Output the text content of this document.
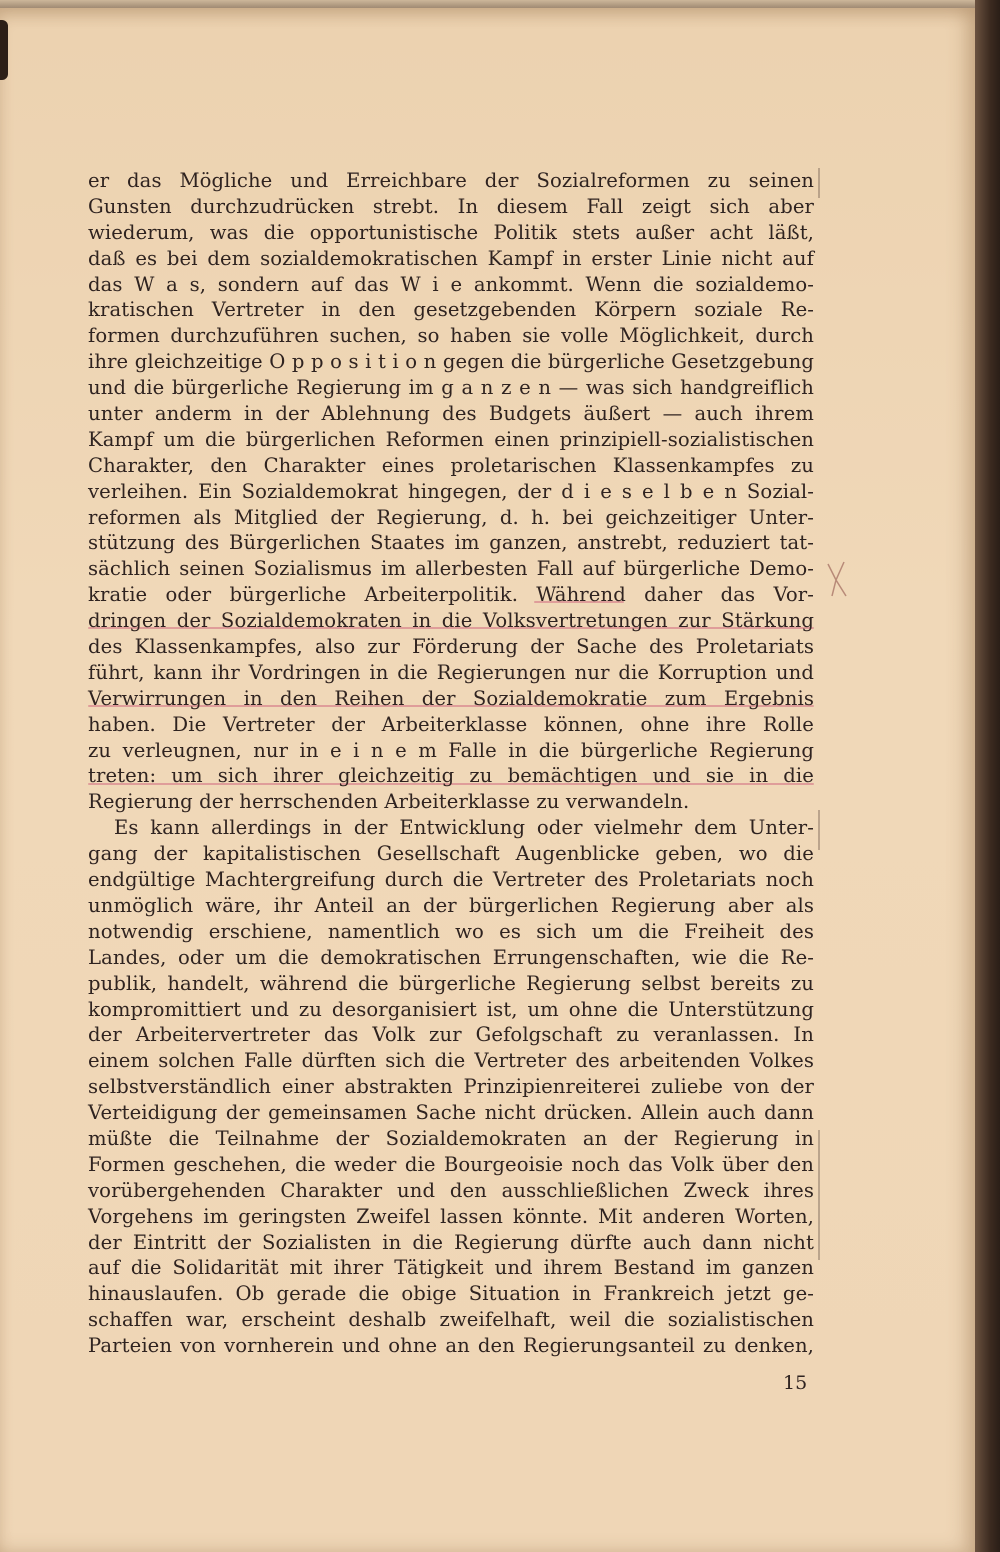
er das Mögliche und Erreichbare der Sozialreformen zu seinen
Gunsten durchzudrücken strebt. In diesem Fall zeigt sich aber
wiederum, was die opportunistische Politik stets außer acht läßt,
daß es bei dem sozialdemokratischen Kampf in erster Linie nicht auf
das W a s, sondern auf das W i e ankommt. Wenn die sozialdemo-
kratischen Vertreter in den gesetzgebenden Körpern soziale Re-
formen durchzuführen suchen, so haben sie volle Möglichkeit, durch
ihre gleichzeitige O p p o s i t i o n gegen die bürgerliche Gesetzgebung
und die bürgerliche Regierung im g a n z e n — was sich handgreiflich
unter anderm in der Ablehnung des Budgets äußert — auch ihrem
Kampf um die bürgerlichen Reformen einen prinzipiell-sozialistischen
Charakter, den Charakter eines proletarischen Klassenkampfes zu
verleihen. Ein Sozialdemokrat hingegen, der d i e s e l b e n Sozial-
reformen als Mitglied der Regierung, d. h. bei geichzeitiger Unter-
stützung des Bürgerlichen Staates im ganzen, anstrebt, reduziert tat-
sächlich seinen Sozialismus im allerbesten Fall auf bürgerliche Demo-
kratie oder bürgerliche Arbeiterpolitik. Während daher das Vor-
dringen der Sozialdemokraten in die Volksvertretungen zur Stärkung
des Klassenkampfes, also zur Förderung der Sache des Proletariats
führt, kann ihr Vordringen in die Regierungen nur die Korruption und
Verwirrungen in den Reihen der Sozialdemokratie zum Ergebnis
haben. Die Vertreter der Arbeiterklasse können, ohne ihre Rolle
zu verleugnen, nur in e i n e m Falle in die bürgerliche Regierung
treten: um sich ihrer gleichzeitig zu bemächtigen und sie in die
Regierung der herrschenden Arbeiterklasse zu verwandeln.
Es kann allerdings in der Entwicklung oder vielmehr dem Unter-
gang der kapitalistischen Gesellschaft Augenblicke geben, wo die
endgültige Machtergreifung durch die Vertreter des Proletariats noch
unmöglich wäre, ihr Anteil an der bürgerlichen Regierung aber als
notwendig erschiene, namentlich wo es sich um die Freiheit des
Landes, oder um die demokratischen Errungenschaften, wie die Re-
publik, handelt, während die bürgerliche Regierung selbst bereits zu
kompromittiert und zu desorganisiert ist, um ohne die Unterstützung
der Arbeitervertreter das Volk zur Gefolgschaft zu veranlassen. In
einem solchen Falle dürften sich die Vertreter des arbeitenden Volkes
selbstverständlich einer abstrakten Prinzipienreiterei zuliebe von der
Verteidigung der gemeinsamen Sache nicht drücken. Allein auch dann
müßte die Teilnahme der Sozialdemokraten an der Regierung in
Formen geschehen, die weder die Bourgeoisie noch das Volk über den
vorübergehenden Charakter und den ausschließlichen Zweck ihres
Vorgehens im geringsten Zweifel lassen könnte. Mit anderen Worten,
der Eintritt der Sozialisten in die Regierung dürfte auch dann nicht
auf die Solidarität mit ihrer Tätigkeit und ihrem Bestand im ganzen
hinauslaufen. Ob gerade die obige Situation in Frankreich jetzt ge-
schaffen war, erscheint deshalb zweifelhaft, weil die sozialistischen
Parteien von vornherein und ohne an den Regierungsanteil zu denken,
15
